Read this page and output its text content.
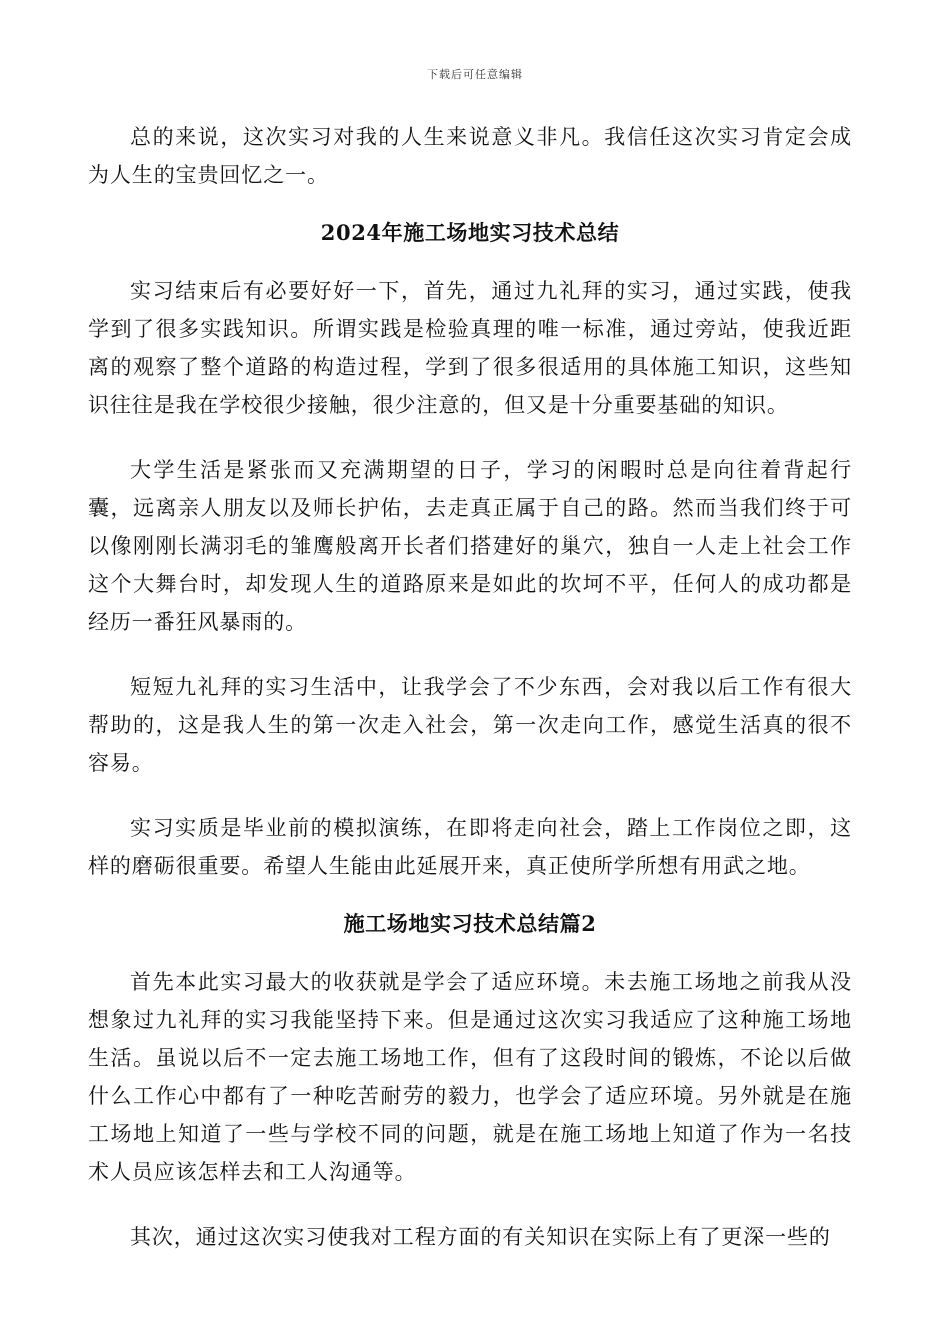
下载后可任意编辑

总的来说，这次实习对我的人生来说意义非凡。我信任这次实习肯定会成为人生的宝贵回忆之一。

2024年施工场地实习技术总结

实习结束后有必要好好一下，首先，通过九礼拜的实习，通过实践，使我学到了很多实践知识。所谓实践是检验真理的唯一标准，通过旁站，使我近距离的观察了整个道路的构造过程，学到了很多很适用的具体施工知识，这些知识往往是我在学校很少接触，很少注意的，但又是十分重要基础的知识。

大学生活是紧张而又充满期望的日子，学习的闲暇时总是向往着背起行囊，远离亲人朋友以及师长护佑，去走真正属于自己的路。然而当我们终于可以像刚刚长满羽毛的雏鹰般离开长者们搭建好的巢穴，独自一人走上社会工作这个大舞台时，却发现人生的道路原来是如此的坎坷不平，任何人的成功都是经历一番狂风暴雨的。

短短九礼拜的实习生活中，让我学会了不少东西，会对我以后工作有很大帮助的，这是我人生的第一次走入社会，第一次走向工作，感觉生活真的很不容易。

实习实质是毕业前的模拟演练，在即将走向社会，踏上工作岗位之即，这样的磨砺很重要。希望人生能由此延展开来，真正使所学所想有用武之地。

施工场地实习技术总结篇2

首先本此实习最大的收获就是学会了适应环境。未去施工场地之前我从没想象过九礼拜的实习我能坚持下来。但是通过这次实习我适应了这种施工场地生活。虽说以后不一定去施工场地工作，但有了这段时间的锻炼，不论以后做什么工作心中都有了一种吃苦耐劳的毅力，也学会了适应环境。另外就是在施工场地上知道了一些与学校不同的问题，就是在施工场地上知道了作为一名技术人员应该怎样去和工人沟通等。

其次，通过这次实习使我对工程方面的有关知识在实际上有了更深一些的
